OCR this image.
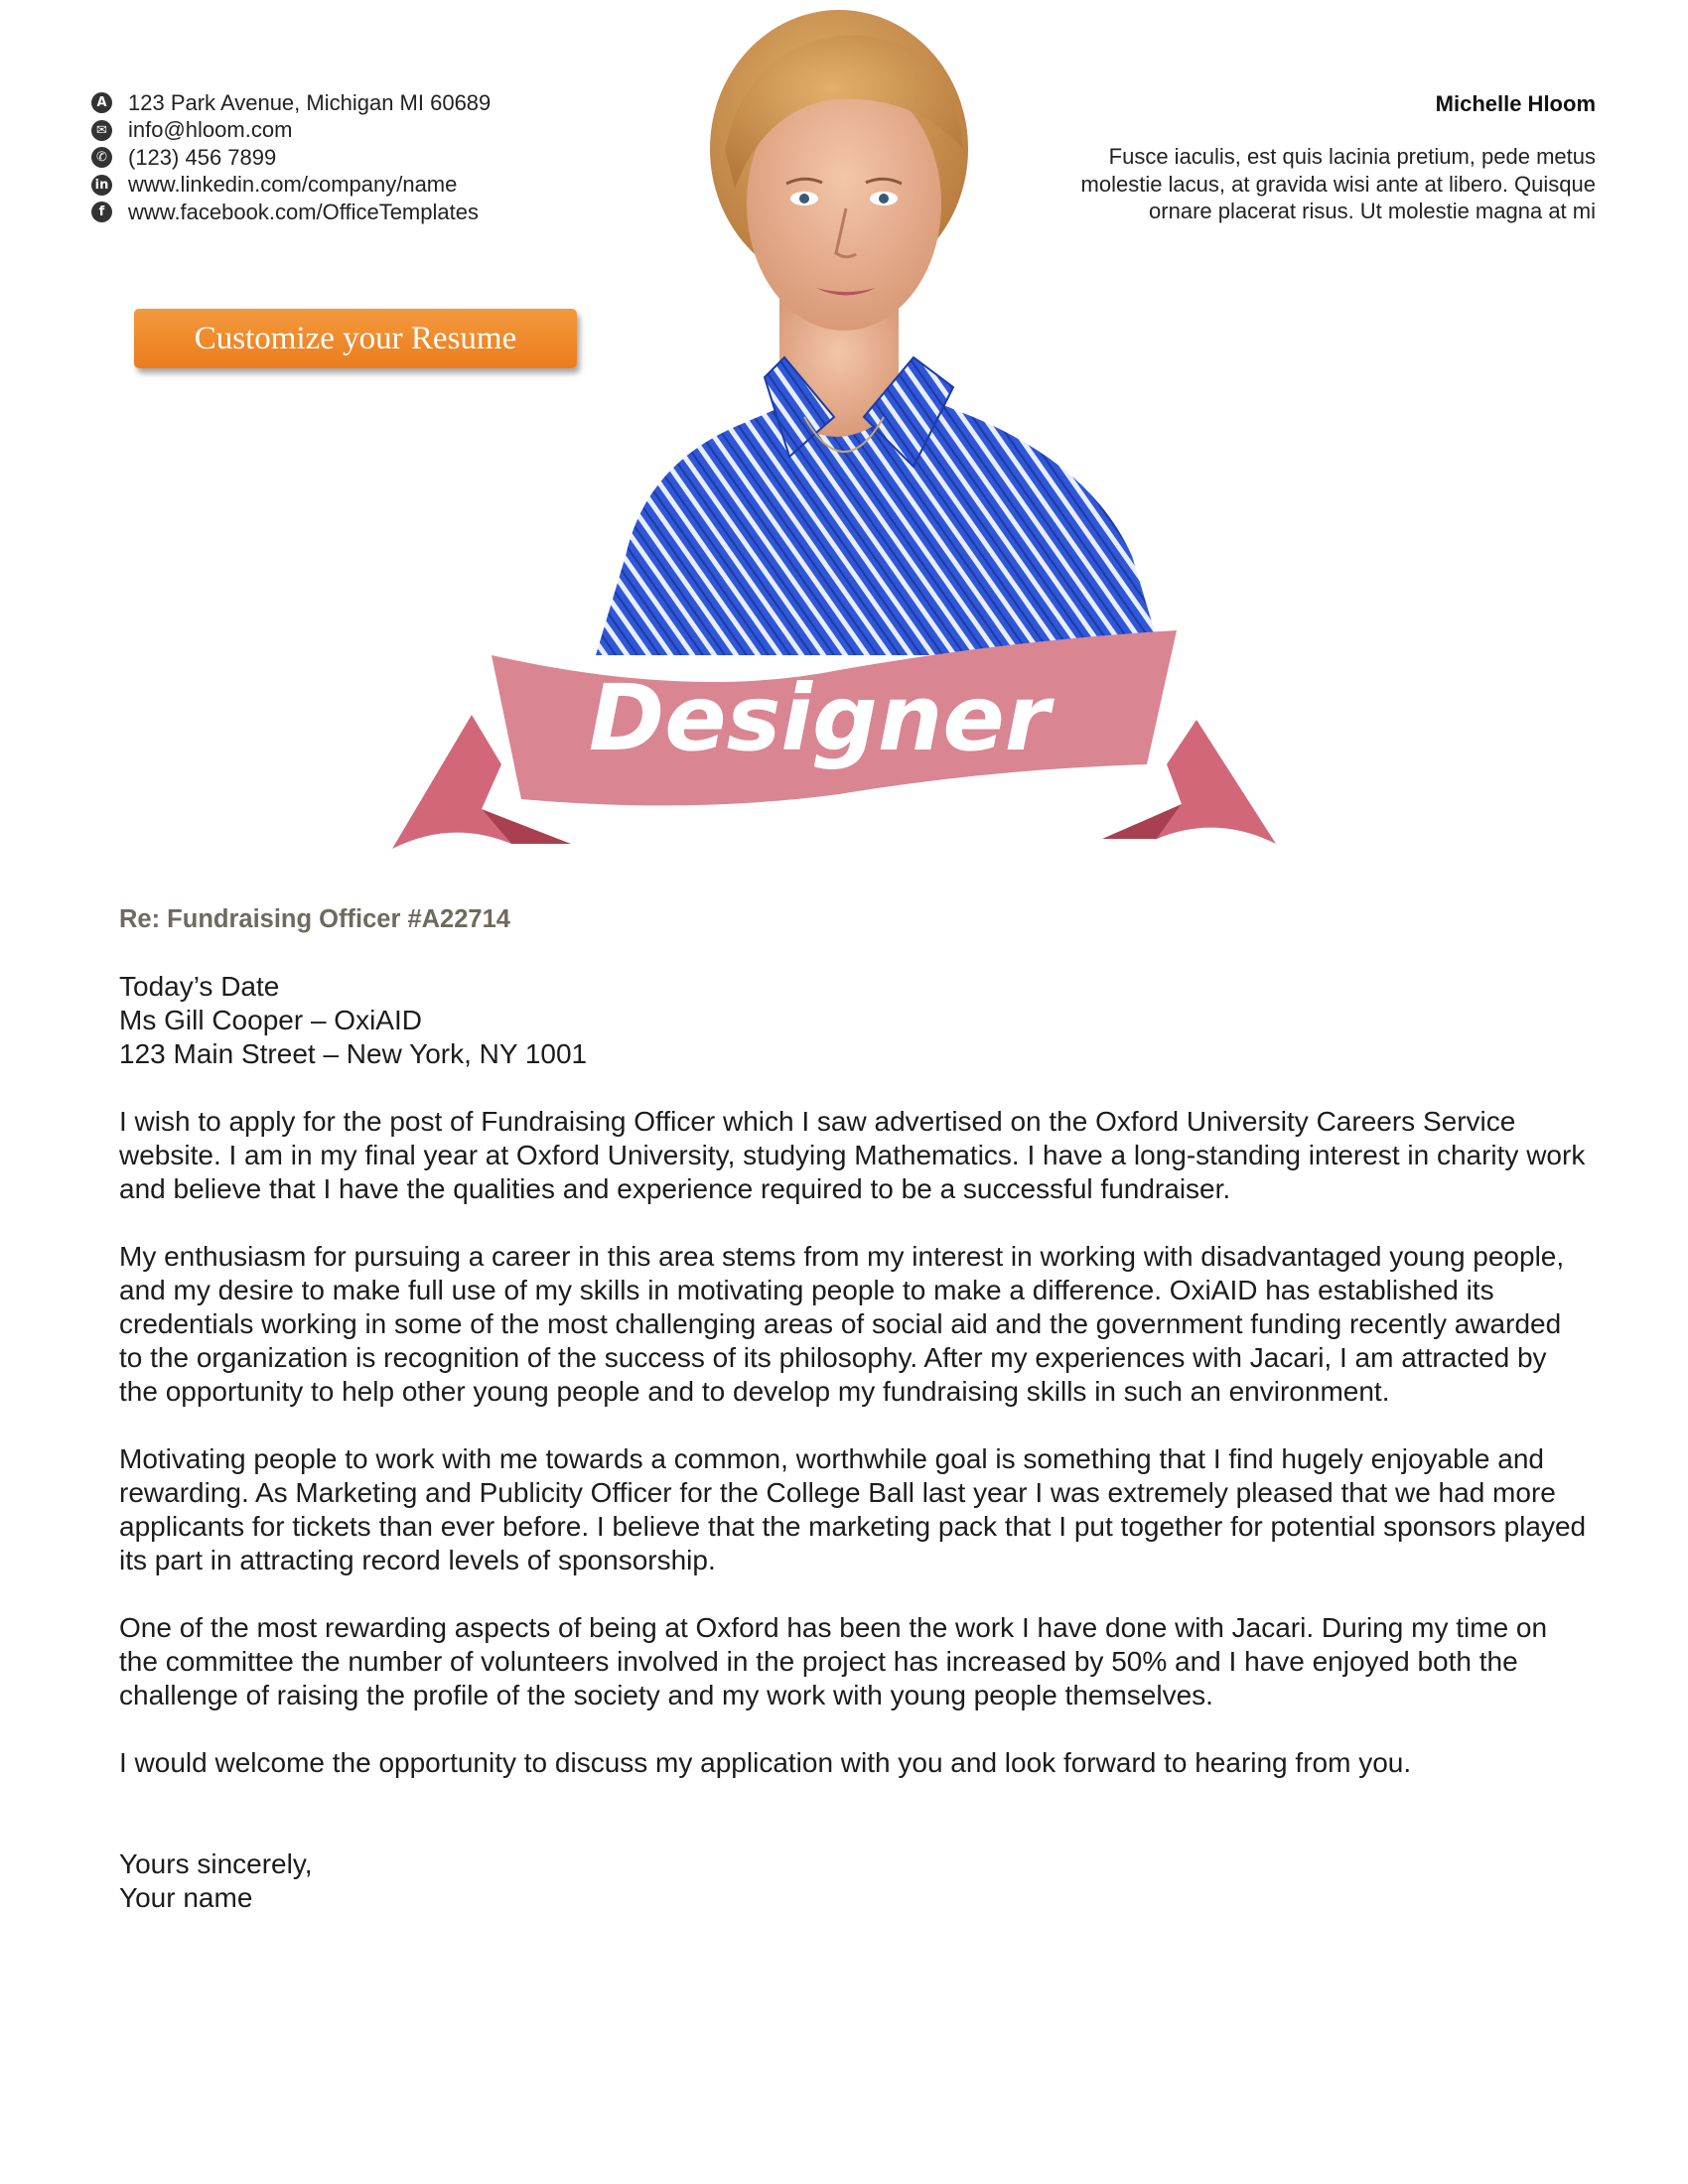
A 123 Park Avenue, Michigan MI 60689
✉ info@hloom.com
✆ (123) 456 7899
in www.linkedin.com/company/name
f	www.facebook.com/OfficeTemplates
Michelle Hloom
Fusce iaculis, est quis lacinia pretium, pede metus molestie lacus, at gravida wisi ante at libero. Quisque ornare placerat risus. Ut molestie magna at mi
Customize your Resume
Designer
Re: Fundraising Officer #A22714
Today’s Date
Ms Gill Cooper – OxiAID
123 Main Street – New York, NY 1001

I wish to apply for the post of Fundraising Officer which I saw advertised on the Oxford University Careers Service website. I am in my final year at Oxford University, studying Mathematics. I have a long-standing interest in charity work and believe that I have the qualities and experience required to be a successful fundraiser.

My enthusiasm for pursuing a career in this area stems from my interest in working with disadvantaged young people, and my desire to make full use of my skills in motivating people to make a difference. OxiAID has established its credentials working in some of the most challenging areas of social aid and the government funding recently awarded to the organization is recognition of the success of its philosophy. After my experiences with Jacari, I am attracted by the opportunity to help other young people and to develop my fundraising skills in such an environment.

Motivating people to work with me towards a common, worthwhile goal is something that I find hugely enjoyable and rewarding. As Marketing and Publicity Officer for the College Ball last year I was extremely pleased that we had more applicants for tickets than ever before. I believe that the marketing pack that I put together for potential sponsors played its part in attracting record levels of sponsorship.

One of the most rewarding aspects of being at Oxford has been the work I have done with Jacari. During my time on the committee the number of volunteers involved in the project has increased by 50% and I have enjoyed both the challenge of raising the profile of the society and my work with young people themselves.

I would welcome the opportunity to discuss my application with you and look forward to hearing from you.

Yours sincerely,
Your name
